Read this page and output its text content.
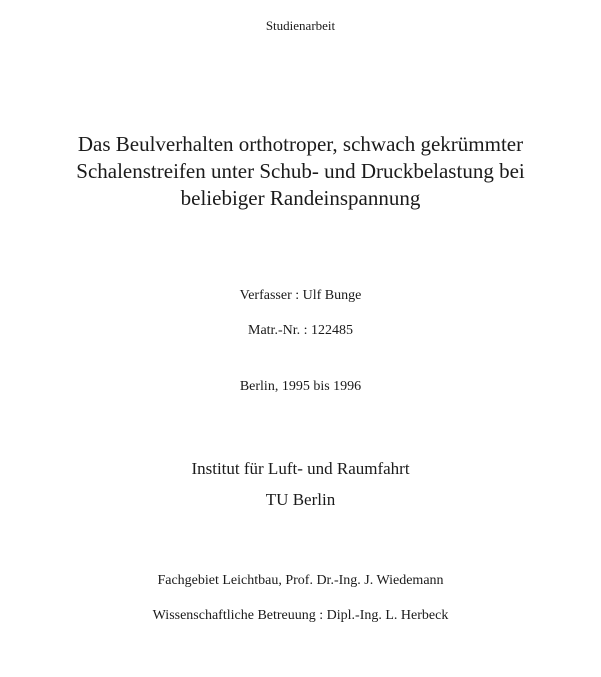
Studienarbeit
Das Beulverhalten orthotroper, schwach gekrümmter
Schalenstreifen unter Schub- und Druckbelastung bei
beliebiger Randeinspannung
Verfasser : Ulf Bunge
Matr.-Nr. : 122485
Berlin, 1995 bis 1996
Institut für Luft- und Raumfahrt
TU Berlin
Fachgebiet Leichtbau, Prof. Dr.-Ing. J. Wiedemann
Wissenschaftliche Betreuung : Dipl.-Ing. L. Herbeck
